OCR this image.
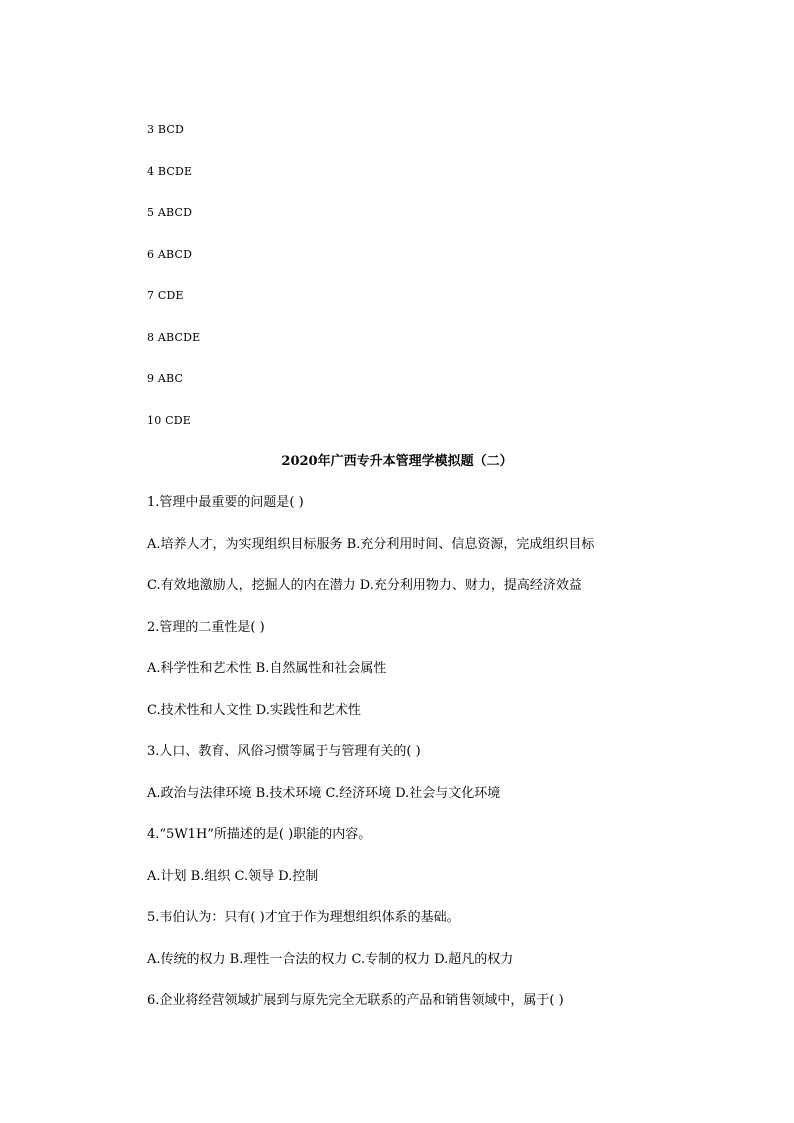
3 BCD
4 BCDE
5 ABCD
6 ABCD
7 CDE
8 ABCDE
9 ABC
10 CDE
2020年广西专升本管理学模拟题（二）
1.管理中最重要的问题是( )
A.培养人才，为实现组织目标服务 B.充分利用时间、信息资源，完成组织目标
C.有效地激励人，挖掘人的内在潜力 D.充分利用物力、财力，提高经济效益
2.管理的二重性是( )
A.科学性和艺术性 B.自然属性和社会属性
C.技术性和人文性 D.实践性和艺术性
3.人口、教育、风俗习惯等属于与管理有关的( )
A.政治与法律环境 B.技术环境 C.经济环境 D.社会与文化环境
4.“5W1H”所描述的是( )职能的内容。
A.计划 B.组织 C.领导 D.控制
5.韦伯认为：只有( )才宜于作为理想组织体系的基础。
A.传统的权力 B.理性一合法的权力 C.专制的权力 D.超凡的权力
6.企业将经营领域扩展到与原先完全无联系的产品和销售领域中，属于( )
